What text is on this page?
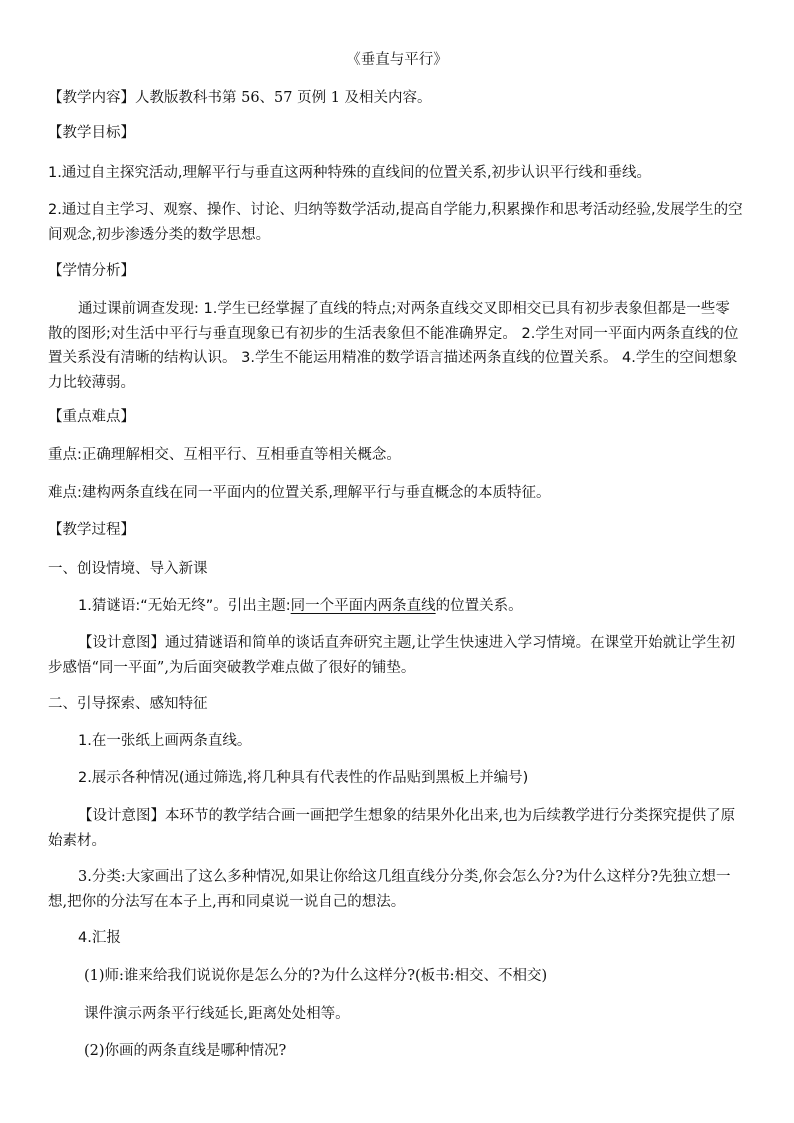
《垂直与平行》
【教学内容】人教版教科书第 56、57 页例 1 及相关内容。
【教学目标】
1.通过自主探究活动,理解平行与垂直这两种特殊的直线间的位置关系,初步认识平行线和垂线。
2.通过自主学习、观察、操作、讨论、归纳等数学活动,提高自学能力,积累操作和思考活动经验,发展学生的空间观念,初步渗透分类的数学思想。
【学情分析】
通过课前调查发现: 1.学生已经掌握了直线的特点;对两条直线交叉即相交已具有初步表象但都是一些零散的图形;对生活中平行与垂直现象已有初步的生活表象但不能准确界定。 2.学生对同一平面内两条直线的位置关系没有清晰的结构认识。 3.学生不能运用精准的数学语言描述两条直线的位置关系。 4.学生的空间想象力比较薄弱。
【重点难点】
重点:正确理解相交、互相平行、互相垂直等相关概念。
难点:建构两条直线在同一平面内的位置关系,理解平行与垂直概念的本质特征。
【教学过程】
一、创设情境、导入新课
1.猜谜语:“无始无终”。引出主题:同一个平面内两条直线的位置关系。
【设计意图】通过猜谜语和简单的谈话直奔研究主题,让学生快速进入学习情境。在课堂开始就让学生初步感悟“同一平面”,为后面突破教学难点做了很好的铺垫。
二、引导探索、感知特征
1.在一张纸上画两条直线。
2.展示各种情况(通过筛选,将几种具有代表性的作品贴到黑板上并编号)
【设计意图】本环节的教学结合画一画把学生想象的结果外化出来,也为后续教学进行分类探究提供了原始素材。
3.分类:大家画出了这么多种情况,如果让你给这几组直线分分类,你会怎么分?为什么这样分?先独立想一想,把你的分法写在本子上,再和同桌说一说自己的想法。
4.汇报
(1)师:谁来给我们说说你是怎么分的?为什么这样分?(板书:相交、不相交)
课件演示两条平行线延长,距离处处相等。
(2)你画的两条直线是哪种情况?
